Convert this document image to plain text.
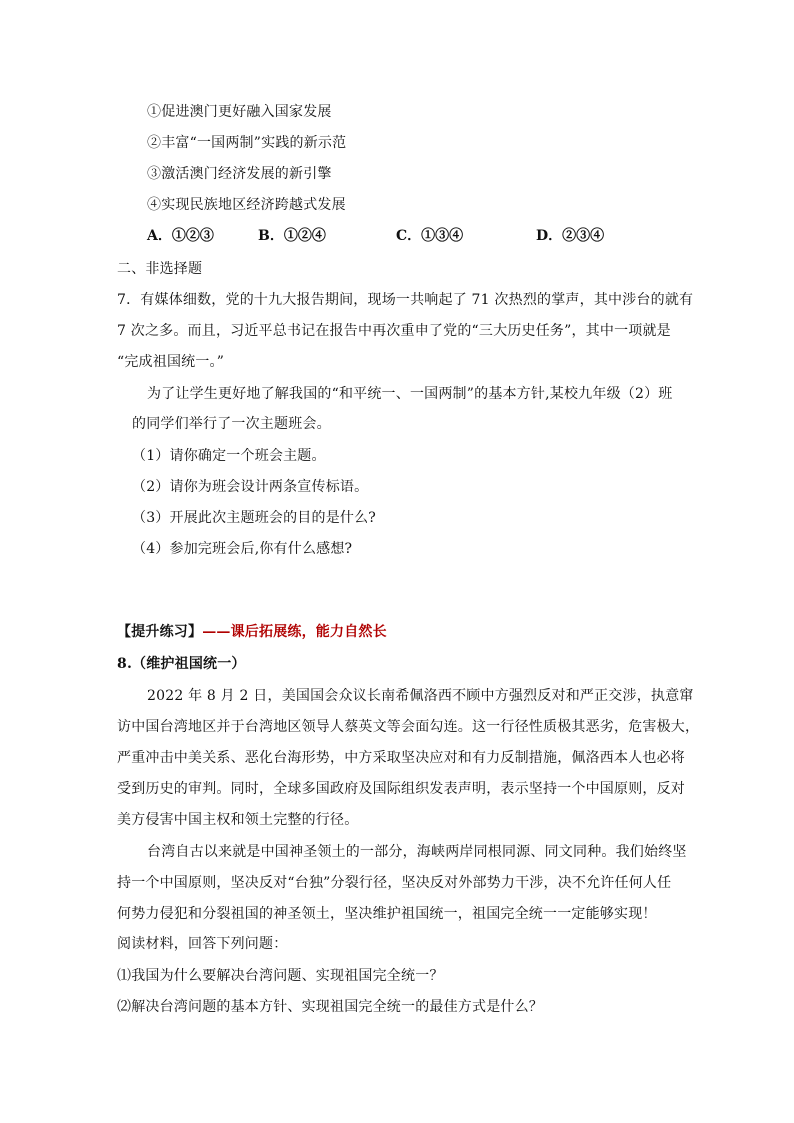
①促进澳门更好融入国家发展
②丰富“一国两制”实践的新示范
③激活澳门经济发展的新引擎
④实现民族地区经济跨越式发展
A．①②③	B．①②④	C．①③④	D．②③④
二、非选择题
7．有媒体细数，党的十九大报告期间，现场一共响起了 71 次热烈的掌声，其中涉台的就有
7 次之多。而且，习近平总书记在报告中再次重申了党的“三大历史任务”，其中一项就是
“完成祖国统一。”
为了让学生更好地了解我国的“和平统一、一国两制”的基本方针,某校九年级（2）班
的同学们举行了一次主题班会。
（1）请你确定一个班会主题。
（2）请你为班会设计两条宣传标语。
（3）开展此次主题班会的目的是什么?
（4）参加完班会后,你有什么感想?
【提升练习】——课后拓展练，能力自然长
8.（维护祖国统一）
2022 年 8 月 2 日，美国国会众议长南希佩洛西不顾中方强烈反对和严正交涉，执意窜
访中国台湾地区并于台湾地区领导人蔡英文等会面勾连。这一行径性质极其恶劣，危害极大，
严重冲击中美关系、恶化台海形势，中方采取坚决应对和有力反制措施，佩洛西本人也必将
受到历史的审判。同时，全球多国政府及国际组织发表声明，表示坚持一个中国原则，反对
美方侵害中国主权和领土完整的行径。
台湾自古以来就是中国神圣领土的一部分，海峡两岸同根同源、同文同种。我们始终坚
持一个中国原则，坚决反对“台独”分裂行径，坚决反对外部势力干涉，决不允许任何人任
何势力侵犯和分裂祖国的神圣领土，坚决维护祖国统一，祖国完全统一一定能够实现！
阅读材料，回答下列问题：
⑴我国为什么要解决台湾问题、实现祖国完全统一？
⑵解决台湾问题的基本方针、实现祖国完全统一的最佳方式是什么？
